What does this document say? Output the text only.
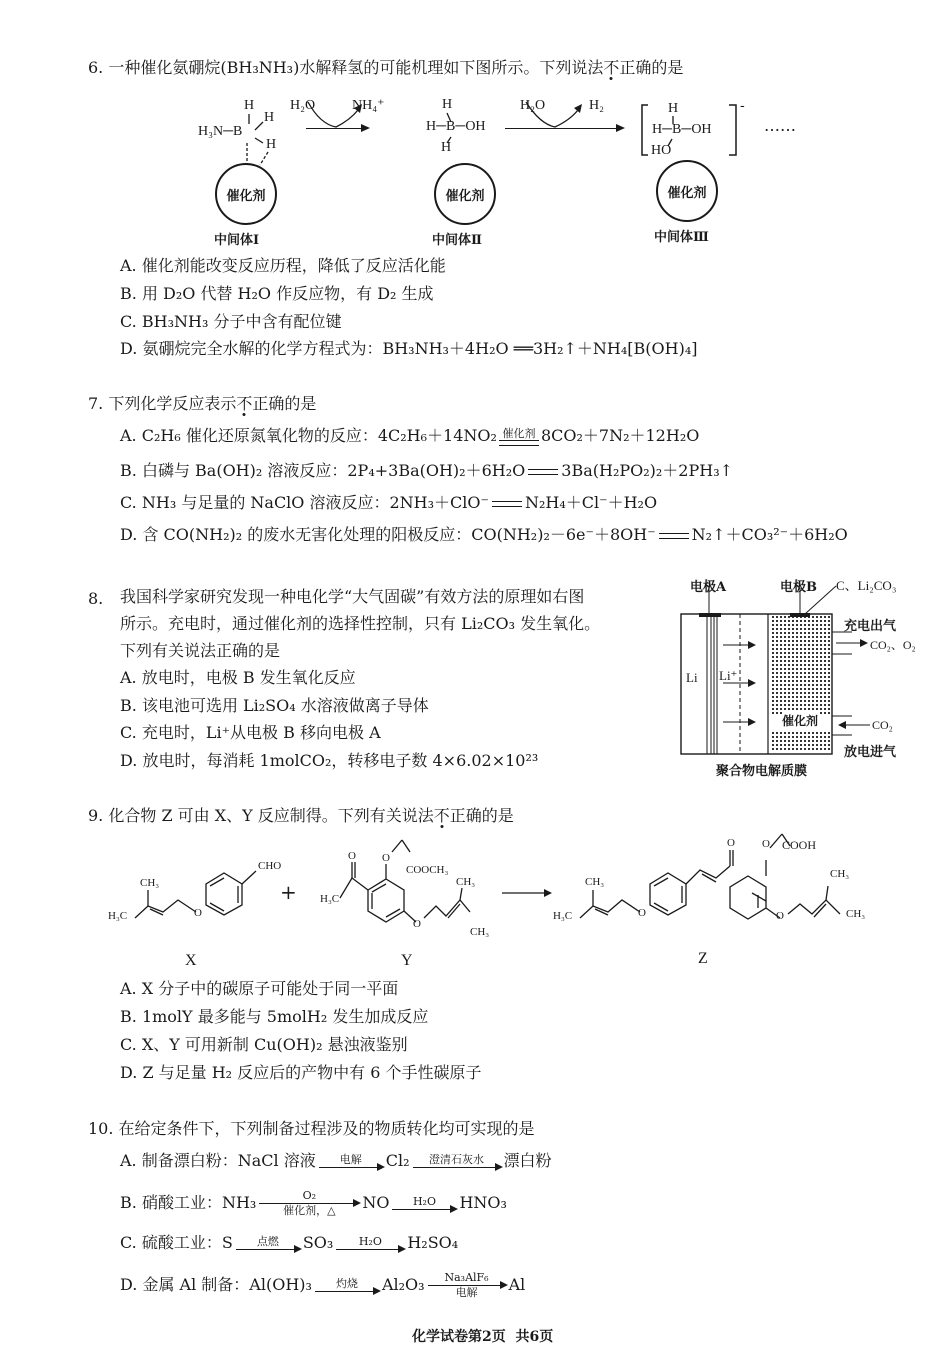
6. 一种催化氨硼烷(BH₃NH₃)水解释氢的可能机理如下图所示。下列说法不正确的是
H
H
H₃N─B
H
H₂O	NH₄⁺
催化剂
中间体Ⅰ
H
H─B─OH
H
H₂O	H₂
催化剂
中间体Ⅱ
H
H─B─OH
HO
-
……
催化剂
中间体Ⅲ
A. 催化剂能改变反应历程，降低了反应活化能
B. 用 D₂O 代替 H₂O 作反应物，有 D₂ 生成
C. BH₃NH₃ 分子中含有配位键
D. 氨硼烷完全水解的化学方程式为：BH₃NH₃＋4H₂O ══3H₂↑＋NH₄[B(OH)₄]
7. 下列化学反应表示不正确的是
A. C₂H₆ 催化还原氮氧化物的反应：4C₂H₆＋14NO₂ 催化剂 8CO₂＋7N₂＋12H₂O
B. 白磷与 Ba(OH)₂ 溶液反应：2P₄+3Ba(OH)₂＋6H₂O 3Ba(H₂PO₂)₂＋2PH₃↑
C. NH₃ 与足量的 NaClO 溶液反应：2NH₃＋ClO⁻ N₂H₄＋Cl⁻＋H₂O
D. 含 CO(NH₂)₂ 的废水无害化处理的阳极反应：CO(NH₂)₂－6e⁻＋8OH⁻ N₂↑＋CO₃²⁻＋6H₂O
8. 我国科学家研究发现一种电化学“大气固碳”有效方法的原理如右图
所示。充电时，通过催化剂的选择性控制，只有 Li₂CO₃ 发生氧化。
下列有关说法正确的是
A. 放电时，电极 B 发生氧化反应
B. 该电池可选用 Li₂SO₄ 水溶液做离子导体
C. 充电时，Li⁺从电极 B 移向电极 A
D. 放电时，每消耗 1molCO₂，转移电子数 4×6.02×10²³
电极A	电极B C、Li₂CO₃
Li Li⁺
催化剂
充电出气
CO₂、O₂
CO₂
放电进气
聚合物电解质膜
9. 化合物 Z 可由 X、Y 反应制得。下列有关说法不正确的是
H₃C
CH₃
O
CHO
+ H₃C
O O
COOCH₃
CH₃
CH₃
O
H₃C
CH₃
O
O O COOH
CH₃
CH₃
O
X	Y	Z
A. X 分子中的碳原子可能处于同一平面
B. 1molY 最多能与 5molH₂ 发生加成反应
C. X、Y 可用新制 Cu(OH)₂ 悬浊液鉴别
D. Z 与足量 H₂ 反应后的产物中有 6 个手性碳原子
10. 在给定条件下，下列制备过程涉及的物质转化均可实现的是
A. 制备漂白粉：NaCl 溶液 电解 Cl₂ 澄清石灰水 漂白粉
B. 硝酸工业：NH₃	O₂
催化剂，△ NO H₂O HNO₃
C. 硫酸工业：S 点燃 SO₃ H₂O H₂SO₄
D. 金属 Al 制备：Al(OH)₃ 灼烧 Al₂O₃ Na₃AlF₆
电解 Al
化学试卷第2页  共6页
